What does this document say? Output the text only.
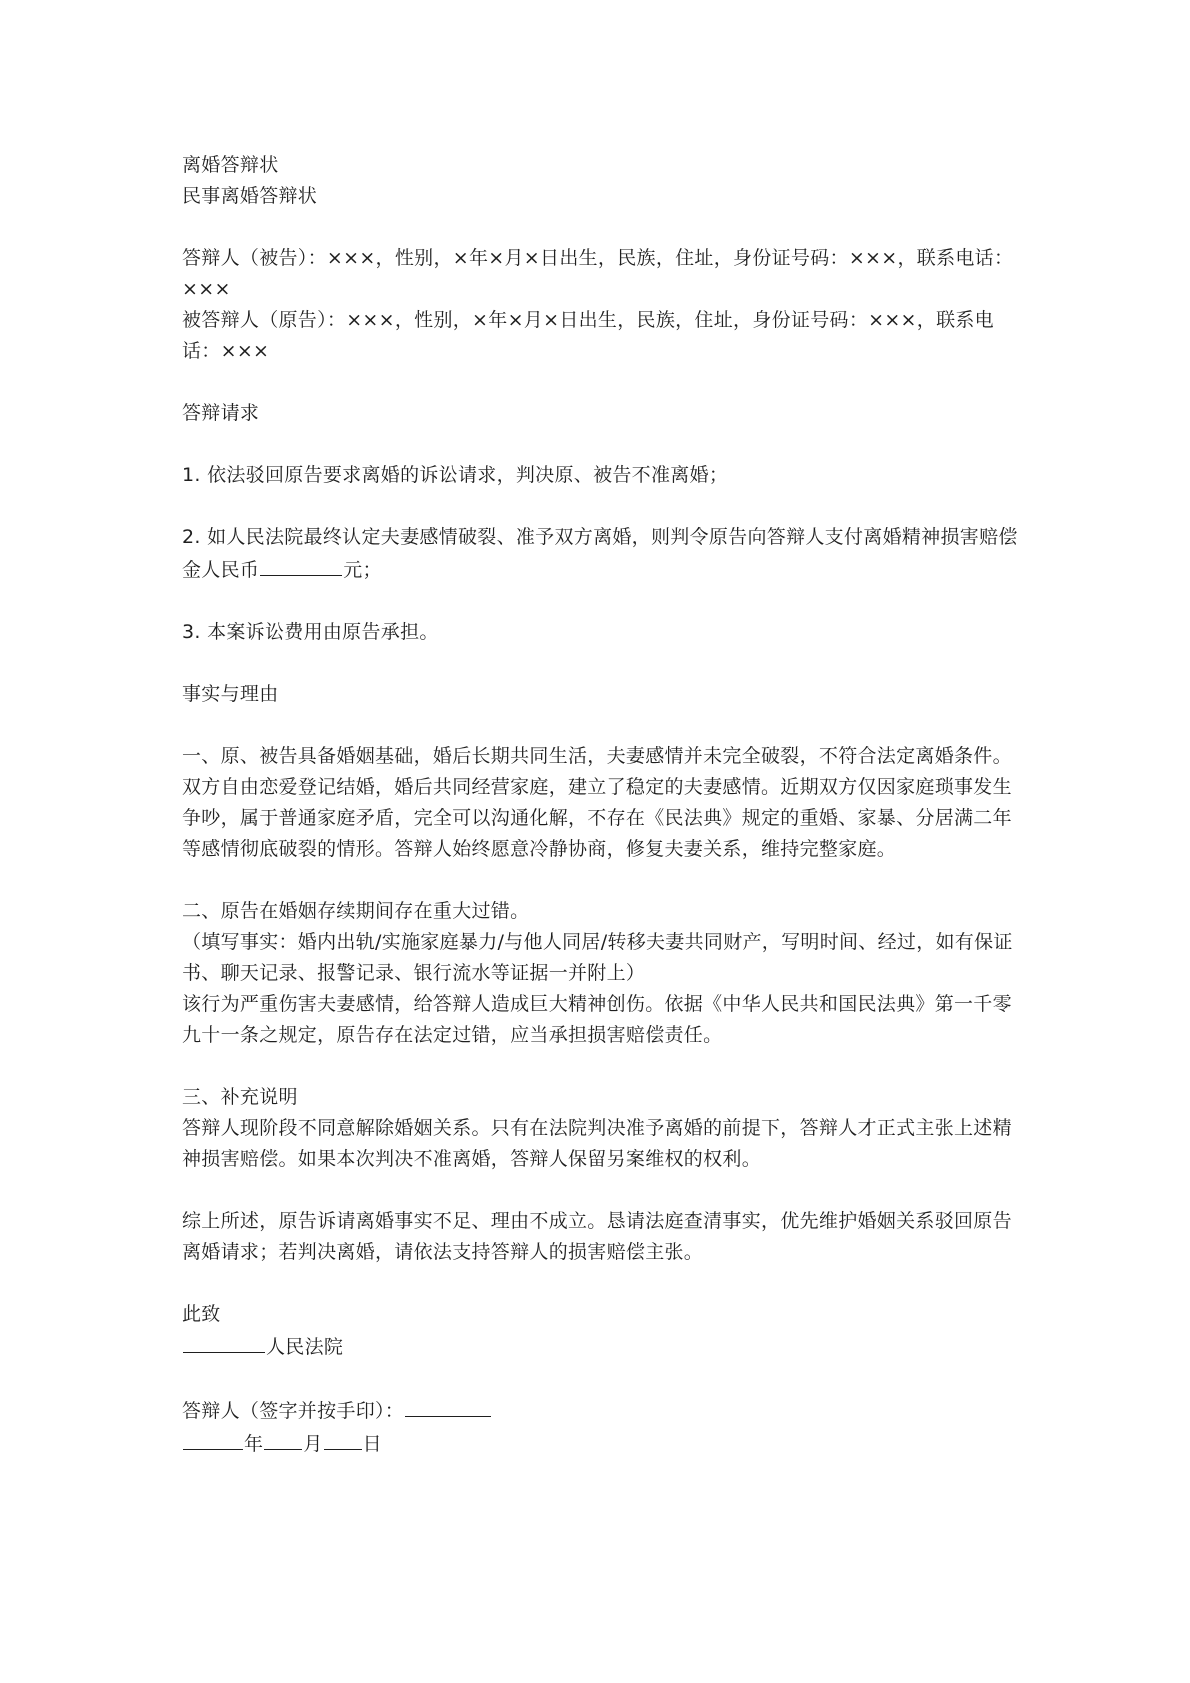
离婚答辩状
民事离婚答辩状
答辩人（被告）：×××，性别，×年×月×日出生，民族，住址，身份证号码：×××，联系电话：×××
被答辩人（原告）：×××，性别，×年×月×日出生，民族，住址，身份证号码：×××，联系电话：×××
答辩请求
1. 依法驳回原告要求离婚的诉讼请求，判决原、被告不准离婚；
2. 如人民法院最终认定夫妻感情破裂、准予双方离婚，则判令原告向答辩人支付离婚精神损害赔偿金人民币	元；
3. 本案诉讼费用由原告承担。
事实与理由
一、原、被告具备婚姻基础，婚后长期共同生活，夫妻感情并未完全破裂，不符合法定离婚条件。
双方自由恋爱登记结婚，婚后共同经营家庭，建立了稳定的夫妻感情。近期双方仅因家庭琐事发生争吵，属于普通家庭矛盾，完全可以沟通化解，不存在《民法典》规定的重婚、家暴、分居满二年等感情彻底破裂的情形。答辩人始终愿意冷静协商，修复夫妻关系，维持完整家庭。
二、原告在婚姻存续期间存在重大过错。
（填写事实：婚内出轨/实施家庭暴力/与他人同居/转移夫妻共同财产，写明时间、经过，如有保证书、聊天记录、报警记录、银行流水等证据一并附上）
该行为严重伤害夫妻感情，给答辩人造成巨大精神创伤。依据《中华人民共和国民法典》第一千零九十一条之规定，原告存在法定过错，应当承担损害赔偿责任。
三、补充说明
答辩人现阶段不同意解除婚姻关系。只有在法院判决准予离婚的前提下，答辩人才正式主张上述精神损害赔偿。如果本次判决不准离婚，答辩人保留另案维权的权利。
综上所述，原告诉请离婚事实不足、理由不成立。恳请法庭查清事实，优先维护婚姻关系驳回原告离婚请求；若判决离婚，请依法支持答辩人的损害赔偿主张。
此致
人民法院
答辩人（签字并按手印）：
年 月 日
